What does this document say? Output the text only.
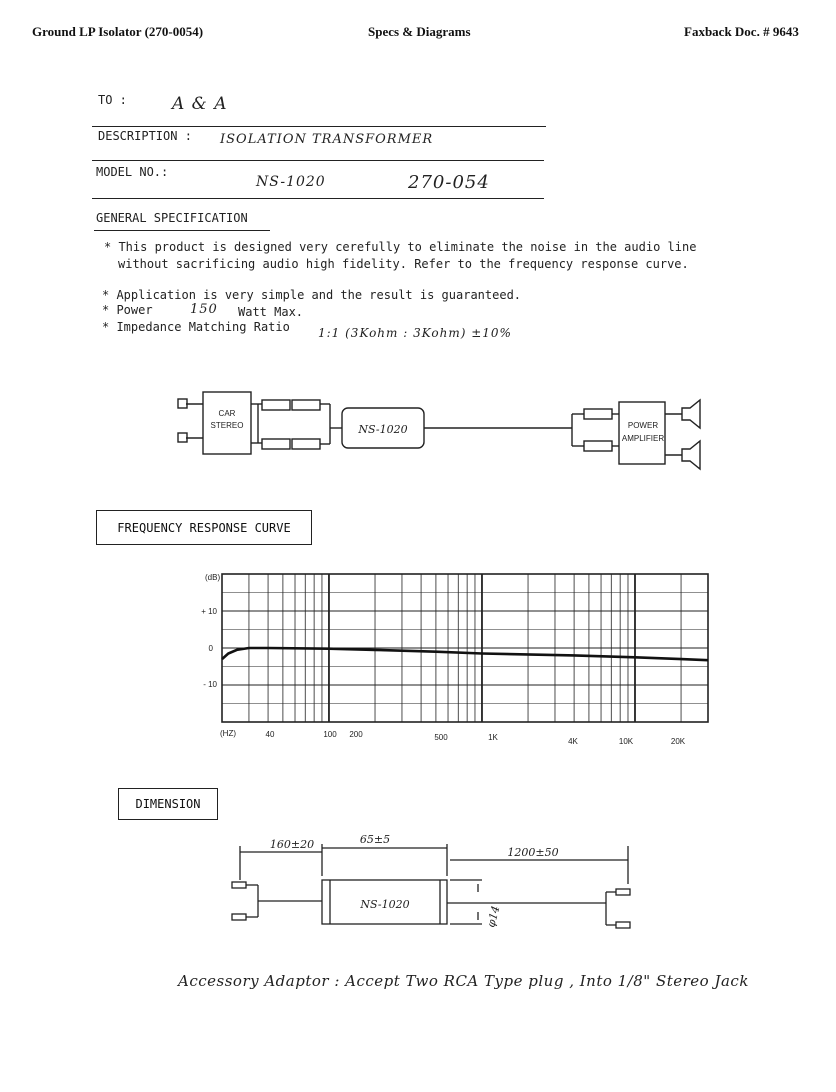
Ground LP Isolator (270-0054)	Specs & Diagrams	Faxback Doc. # 9643
TO :	A & A
DESCRIPTION : ISOLATION TRANSFORMER
MODEL NO.:
NS-1020	270-054
GENERAL SPECIFICATION
* This product is designed very cerefully to eliminate the noise in the audio line
without sacrificing audio high fidelity. Refer to the frequency response curve.
* Application is very simple and the result is guaranteed.
* Power	150 Watt Max.
* Impedance Matching Ratio 1:1 (3Kohm : 3Kohm) ±10%
CAR
STEREO	NS-1020	POWER
AMPLIFIER
FREQUENCY RESPONSE CURVE
(dB)
(HZ)
+ 10
0
- 10
40	100 200	500	1K	4K	10K	20K
DIMENSION
160±20	65±5
1200±50
φ14
NS-1020
Accessory Adaptor : Accept Two RCA Type plug , Into 1/8" Stereo Jack
